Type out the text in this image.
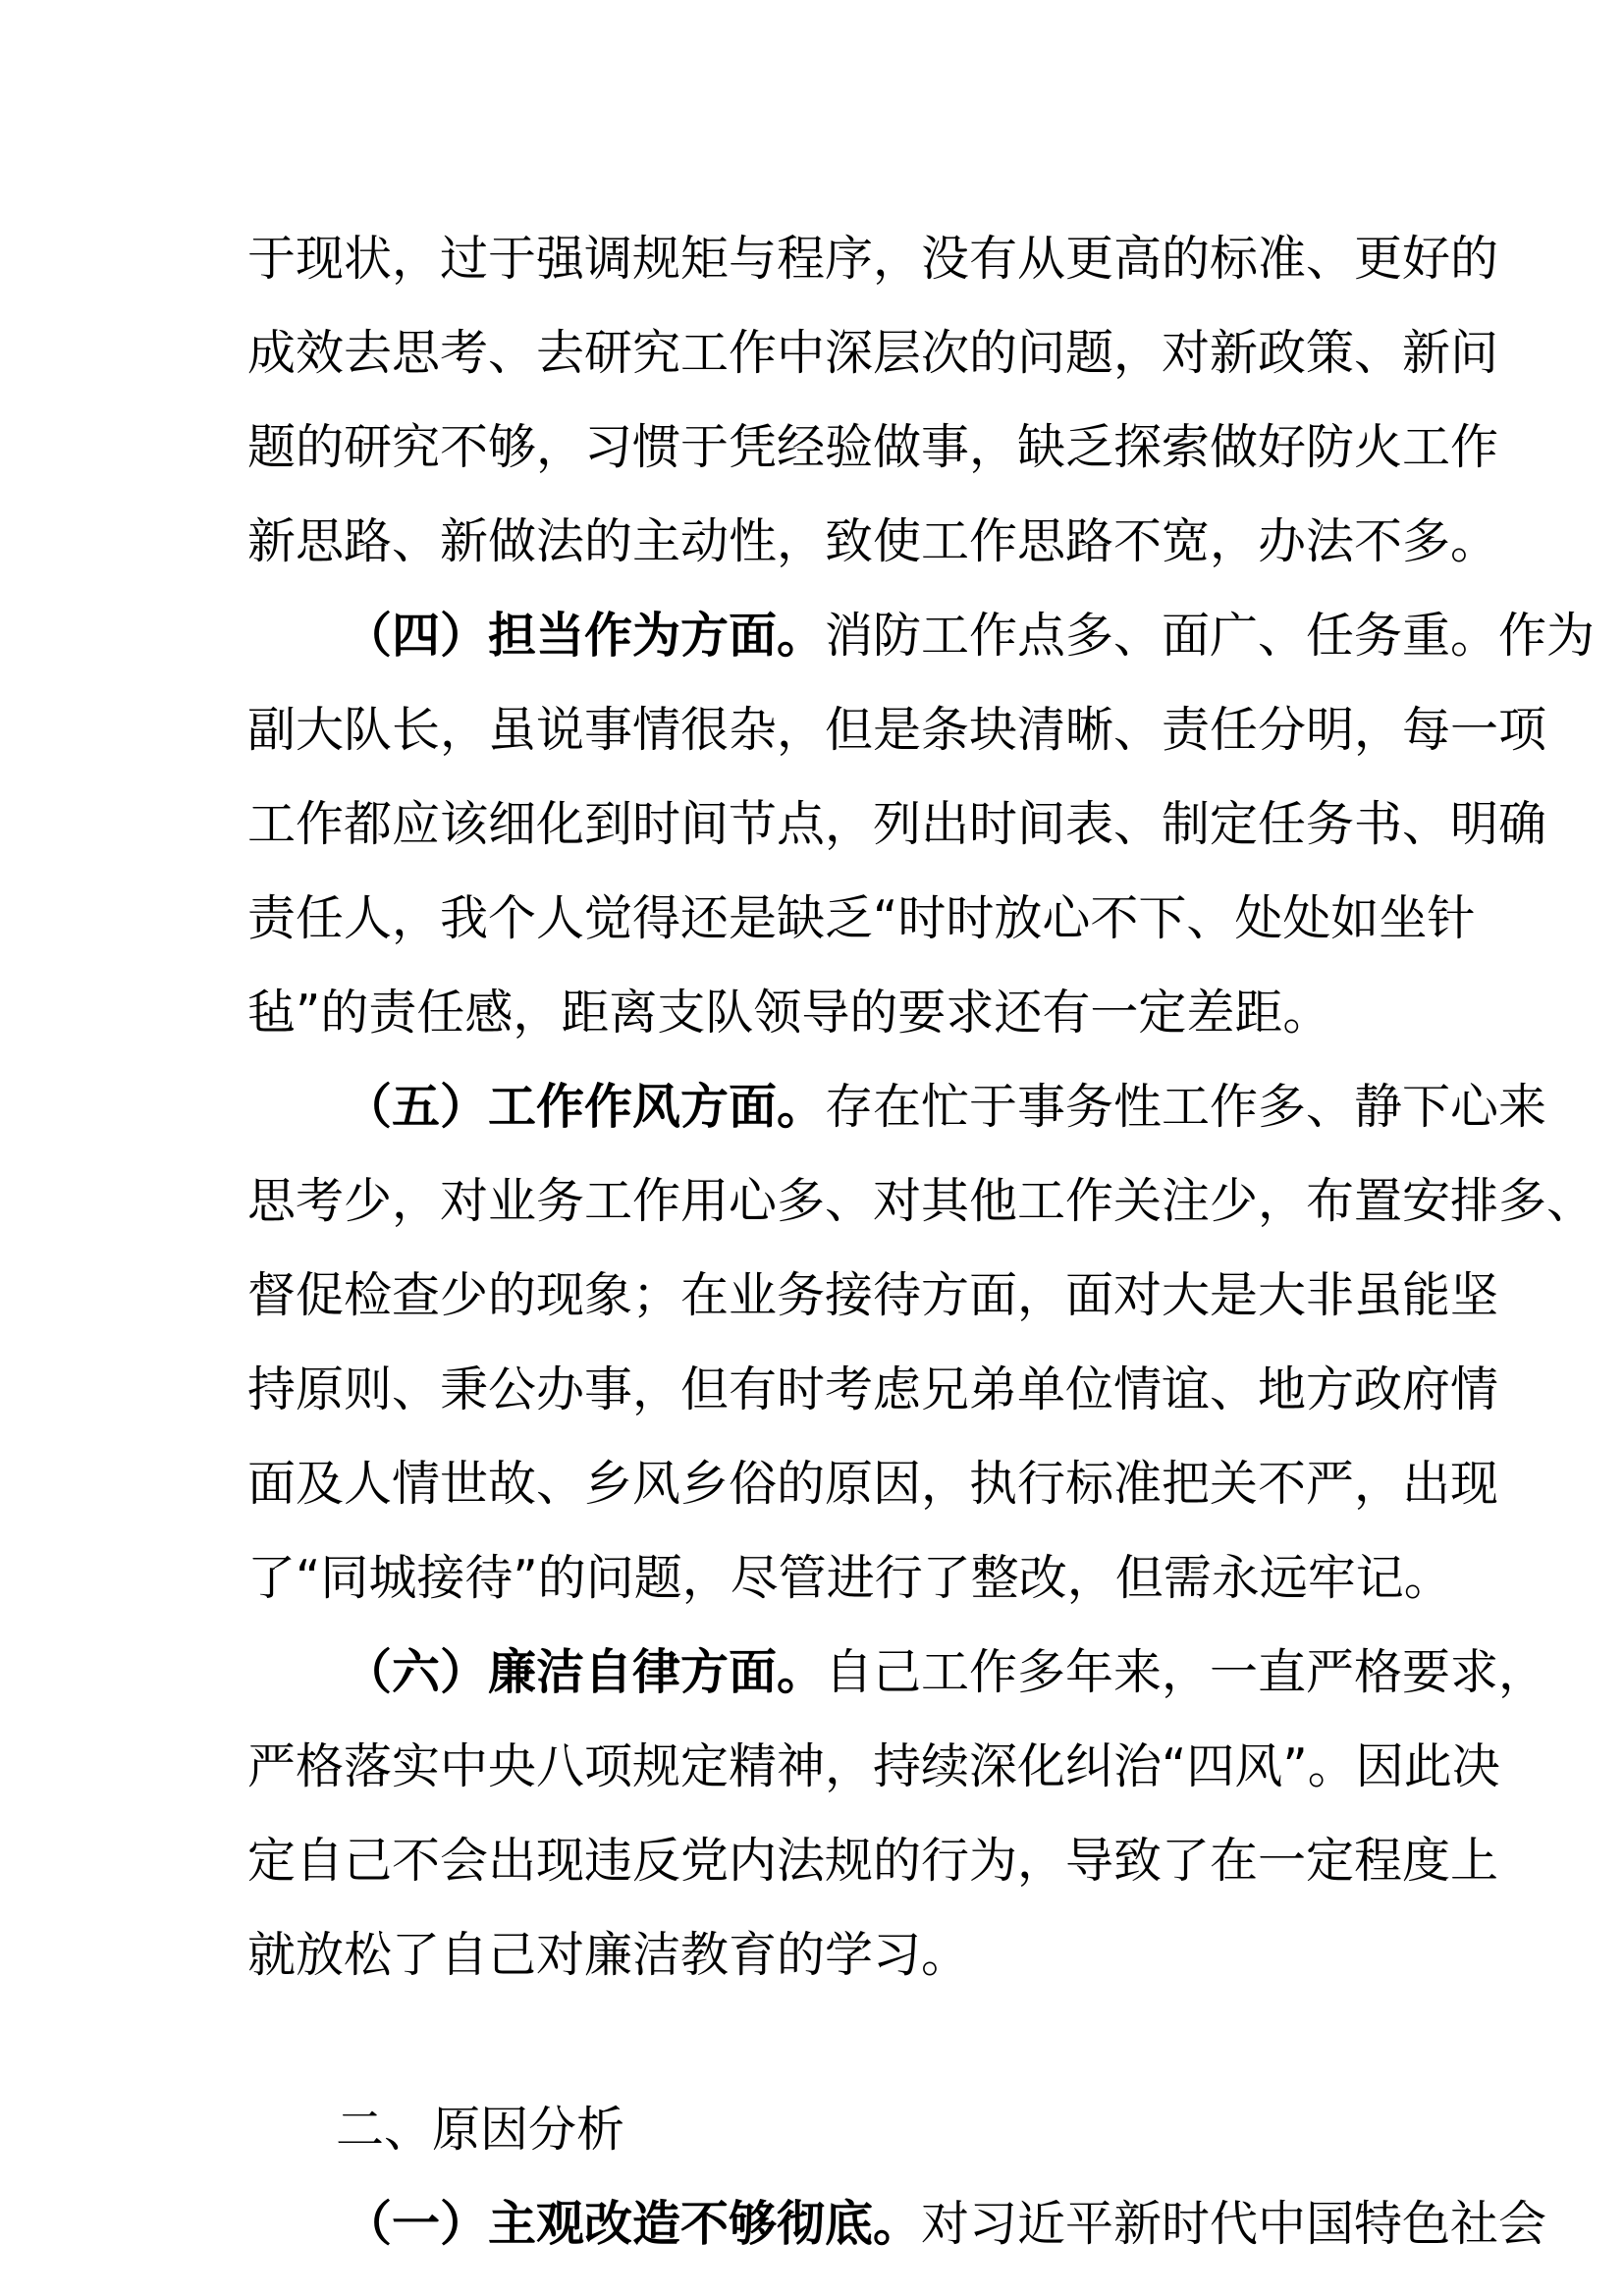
于现状，过于强调规矩与程序，没有从更高的标准、更好的
成效去思考、去研究工作中深层次的问题，对新政策、新问
题的研究不够，习惯于凭经验做事，缺乏探索做好防火工作
新思路、新做法的主动性，致使工作思路不宽，办法不多。
（四）担当作为方面。消防工作点多、面广、任务重。作为
副大队长，虽说事情很杂，但是条块清晰、责任分明，每一项
工作都应该细化到时间节点，列出时间表、制定任务书、明确
责任人，我个人觉得还是缺乏“时时放心不下、处处如坐针
毡”的责任感，距离支队领导的要求还有一定差距。
（五）工作作风方面。存在忙于事务性工作多、静下心来
思考少，对业务工作用心多、对其他工作关注少，布置安排多、
督促检查少的现象；在业务接待方面，面对大是大非虽能坚
持原则、秉公办事，但有时考虑兄弟单位情谊、地方政府情
面及人情世故、乡风乡俗的原因，执行标准把关不严，出现
了“同城接待”的问题，尽管进行了整改，但需永远牢记。
（六）廉洁自律方面。自己工作多年来，一直严格要求，
严格落实中央八项规定精神，持续深化纠治“四风”。因此决
定自己不会出现违反党内法规的行为，导致了在一定程度上
就放松了自己对廉洁教育的学习。
二、原因分析
（一）主观改造不够彻底。对习近平新时代中国特色社会
